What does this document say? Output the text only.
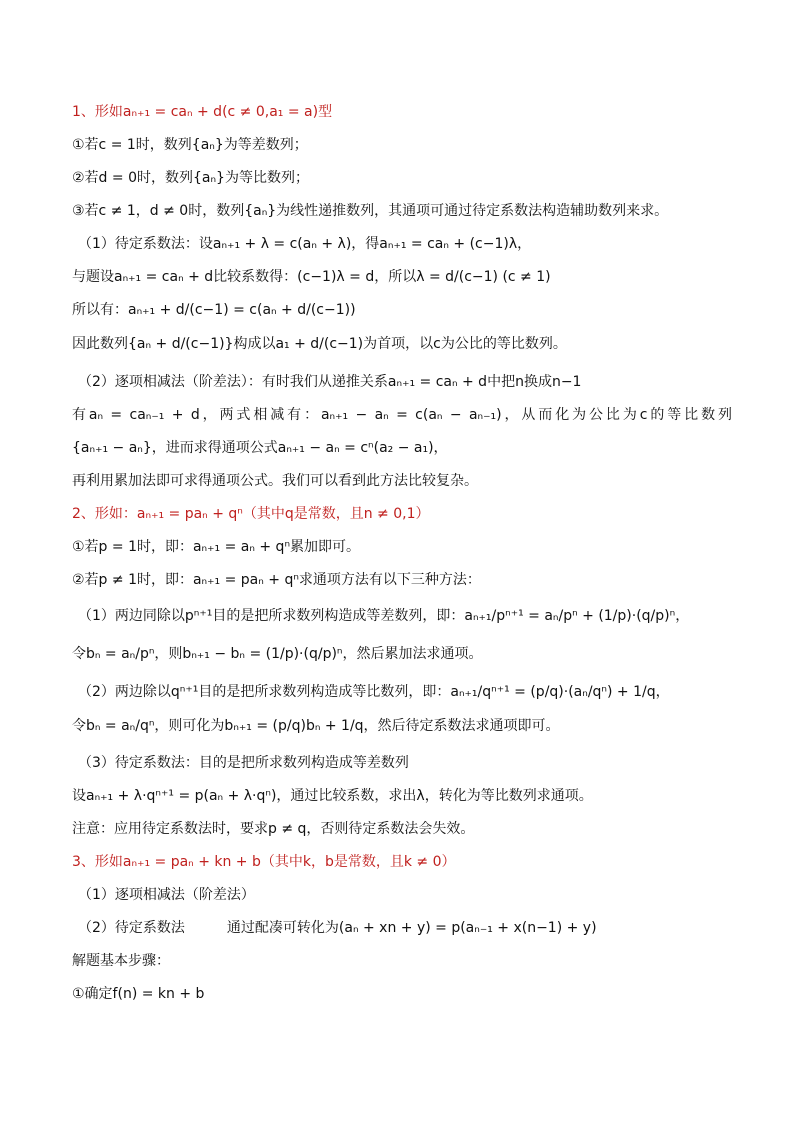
1、形如aₙ₊₁ = caₙ + d(c ≠ 0,a₁ = a)型
①若c = 1时，数列{aₙ}为等差数列；
②若d = 0时，数列{aₙ}为等比数列；
③若c ≠ 1，d ≠ 0时，数列{aₙ}为线性递推数列，其通项可通过待定系数法构造辅助数列来求。
（1）待定系数法：设aₙ₊₁ + λ = c(aₙ + λ)，得aₙ₊₁ = caₙ + (c−1)λ，
与题设aₙ₊₁ = caₙ + d比较系数得：(c−1)λ = d，所以λ = d/(c−1) (c ≠ 1)
所以有：aₙ₊₁ + d/(c−1) = c(aₙ + d/(c−1))
因此数列{aₙ + d/(c−1)}构成以a₁ + d/(c−1)为首项，以c为公比的等比数列。
（2）逐项相减法（阶差法）：有时我们从递推关系aₙ₊₁ = caₙ + d中把n换成n−1
有aₙ = caₙ₋₁ + d，两式相减有：aₙ₊₁ − aₙ = c(aₙ − aₙ₋₁)，从而化为公比为c的等比数列
{aₙ₊₁ − aₙ}，进而求得通项公式aₙ₊₁ − aₙ = cⁿ(a₂ − a₁)，
再利用累加法即可求得通项公式。我们可以看到此方法比较复杂。
2、形如：aₙ₊₁ = paₙ + qⁿ（其中q是常数，且n ≠ 0,1）
①若p = 1时，即：aₙ₊₁ = aₙ + qⁿ累加即可。
②若p ≠ 1时，即：aₙ₊₁ = paₙ + qⁿ求通项方法有以下三种方法：
（1）两边同除以pⁿ⁺¹目的是把所求数列构造成等差数列，即：aₙ₊₁/pⁿ⁺¹ = aₙ/pⁿ + (1/p)·(q/p)ⁿ，
令bₙ = aₙ/pⁿ，则bₙ₊₁ − bₙ = (1/p)·(q/p)ⁿ，然后累加法求通项。
（2）两边除以qⁿ⁺¹目的是把所求数列构造成等比数列，即：aₙ₊₁/qⁿ⁺¹ = (p/q)·(aₙ/qⁿ) + 1/q，
令bₙ = aₙ/qⁿ，则可化为bₙ₊₁ = (p/q)bₙ + 1/q，然后待定系数法求通项即可。
（3）待定系数法：目的是把所求数列构造成等差数列
设aₙ₊₁ + λ·qⁿ⁺¹ = p(aₙ + λ·qⁿ)，通过比较系数，求出λ，转化为等比数列求通项。
注意：应用待定系数法时，要求p ≠ q，否则待定系数法会失效。
3、形如aₙ₊₁ = paₙ + kn + b（其中k，b是常数，且k ≠ 0）
（1）逐项相减法（阶差法）
（2）待定系数法　　　通过配凑可转化为(aₙ + xn + y) = p(aₙ₋₁ + x(n−1) + y)
解题基本步骤：
①确定f(n) = kn + b
